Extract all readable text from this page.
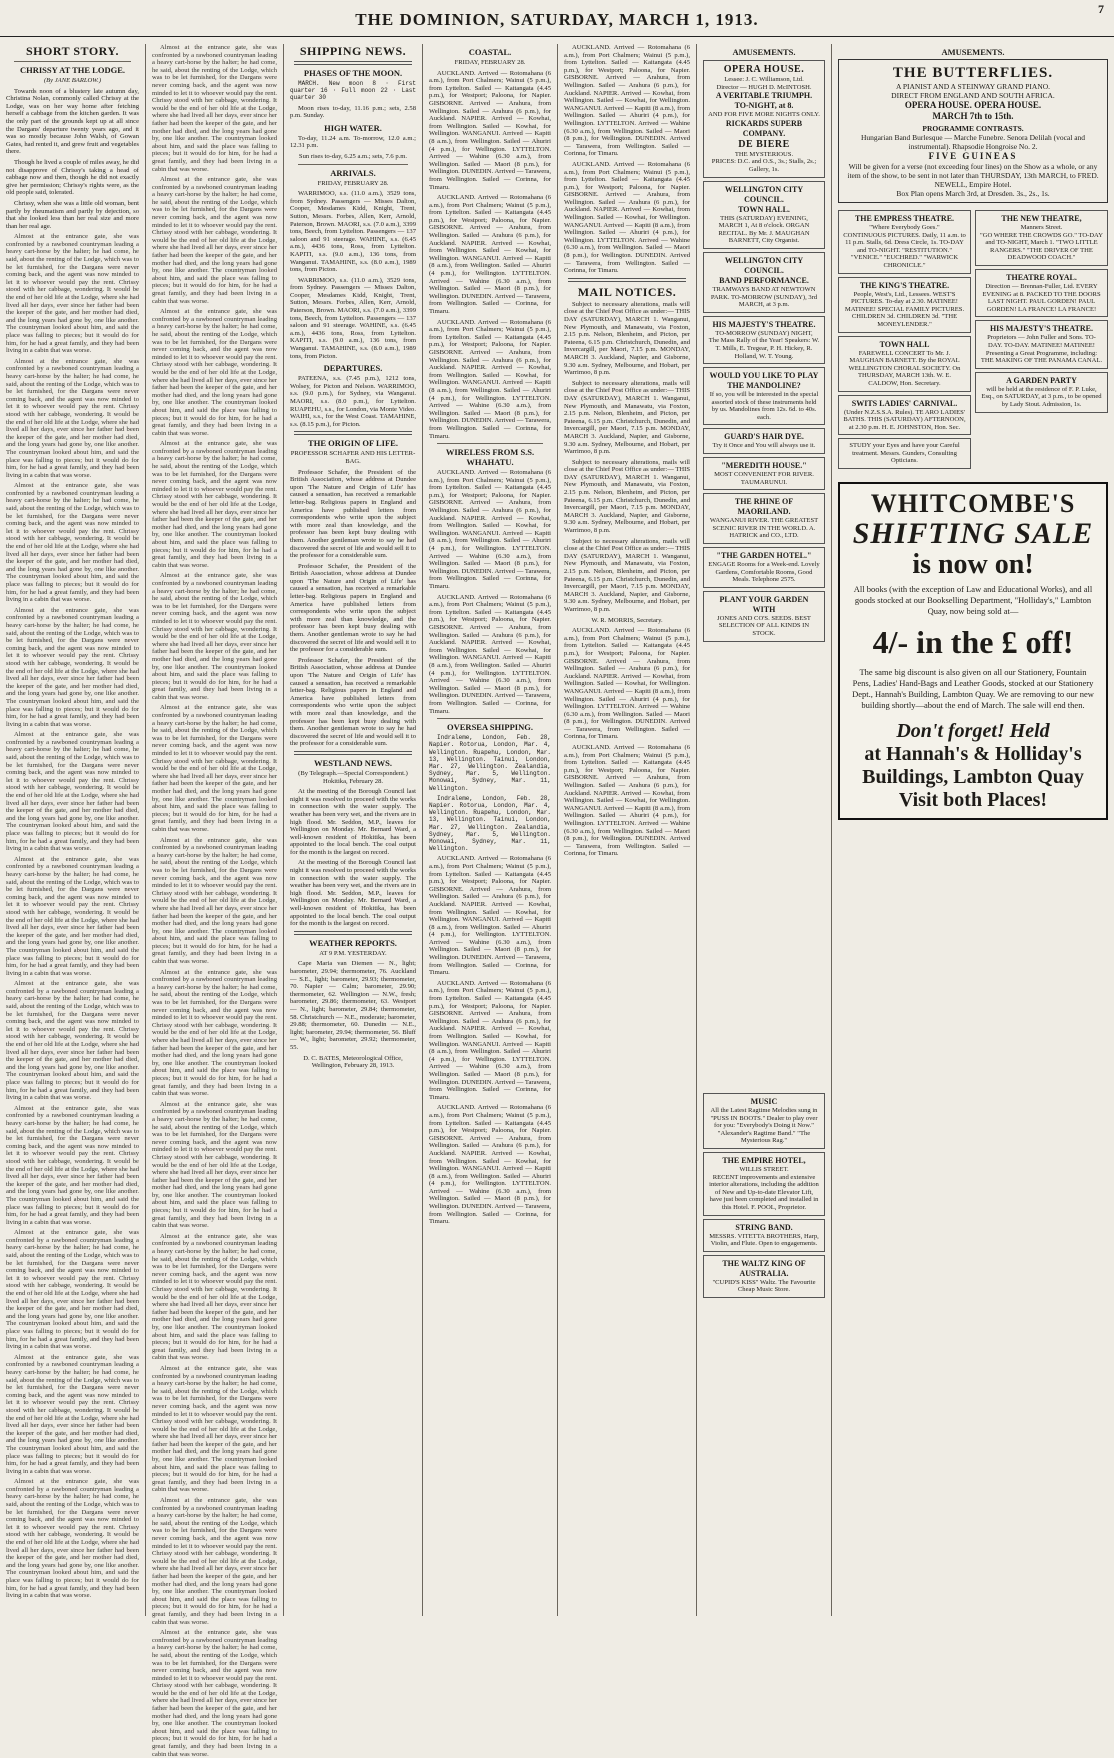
THE DOMINION, SATURDAY, MARCH 1, 1913.
7
SHORT STORY.
CHRISSY AT THE LODGE.
(By JANE BARLOW.)

Towards noon of a blustery late autumn day, Christina Nolan, commonly called Chrissy at the Lodge, was on her way home after fetching herself a cabbage from the kitchen garden. It was the only part of the grounds kept up at all since the Dargans' departure twenty years ago, and it was so mostly because John Walsh, of Gowan Gates, had rented it, and grew fruit and vegetables there.

Though he lived a couple of miles away, he did not disapprove of Chrissy's taking a head of cabbage now and then, though he did not exactly give her permission; Chrissy's rights were, as the old people said, tolerated.

Chrissy, when she was a little old woman, bent partly by rheumatism and partly by dejection, so that she looked less than her real size and more than her real age.

Almost at the entrance gate, she was confronted by a rawboned countryman leading a heavy cart-horse by the halter; he had come, he said, about the renting of the Lodge, which was to be let furnished, for the Dargans were never coming back, and the agent was now minded to let it to whoever would pay the rent. Chrissy stood with her cabbage, wondering. It would be the end of her old life at the Lodge, where she had lived all her days, ever since her father had been the keeper of the gate, and her mother had died, and the long years had gone by, one like another. The countryman looked about him, and said the place was falling to pieces; but it would do for him, for he had a great family, and they had been living in a cabin that was worse.

Almost at the entrance gate, she was confronted by a rawboned countryman leading a heavy cart-horse by the halter; he had come, he said, about the renting of the Lodge, which was to be let furnished, for the Dargans were never coming back, and the agent was now minded to let it to whoever would pay the rent. Chrissy stood with her cabbage, wondering. It would be the end of her old life at the Lodge, where she had lived all her days, ever since her father had been the keeper of the gate, and her mother had died, and the long years had gone by, one like another. The countryman looked about him, and said the place was falling to pieces; but it would do for him, for he had a great family, and they had been living in a cabin that was worse.

Almost at the entrance gate, she was confronted by a rawboned countryman leading a heavy cart-horse by the halter; he had come, he said, about the renting of the Lodge, which was to be let furnished, for the Dargans were never coming back, and the agent was now minded to let it to whoever would pay the rent. Chrissy stood with her cabbage, wondering. It would be the end of her old life at the Lodge, where she had lived all her days, ever since her father had been the keeper of the gate, and her mother had died, and the long years had gone by, one like another. The countryman looked about him, and said the place was falling to pieces; but it would do for him, for he had a great family, and they had been living in a cabin that was worse.

Almost at the entrance gate, she was confronted by a rawboned countryman leading a heavy cart-horse by the halter; he had come, he said, about the renting of the Lodge, which was to be let furnished, for the Dargans were never coming back, and the agent was now minded to let it to whoever would pay the rent. Chrissy stood with her cabbage, wondering. It would be the end of her old life at the Lodge, where she had lived all her days, ever since her father had been the keeper of the gate, and her mother had died, and the long years had gone by, one like another. The countryman looked about him, and said the place was falling to pieces; but it would do for him, for he had a great family, and they had been living in a cabin that was worse.

Almost at the entrance gate, she was confronted by a rawboned countryman leading a heavy cart-horse by the halter; he had come, he said, about the renting of the Lodge, which was to be let furnished, for the Dargans were never coming back, and the agent was now minded to let it to whoever would pay the rent. Chrissy stood with her cabbage, wondering. It would be the end of her old life at the Lodge, where she had lived all her days, ever since her father had been the keeper of the gate, and her mother had died, and the long years had gone by, one like another. The countryman looked about him, and said the place was falling to pieces; but it would do for him, for he had a great family, and they had been living in a cabin that was worse.

Almost at the entrance gate, she was confronted by a rawboned countryman leading a heavy cart-horse by the halter; he had come, he said, about the renting of the Lodge, which was to be let furnished, for the Dargans were never coming back, and the agent was now minded to let it to whoever would pay the rent. Chrissy stood with her cabbage, wondering. It would be the end of her old life at the Lodge, where she had lived all her days, ever since her father had been the keeper of the gate, and her mother had died, and the long years had gone by, one like another. The countryman looked about him, and said the place was falling to pieces; but it would do for him, for he had a great family, and they had been living in a cabin that was worse.

Almost at the entrance gate, she was confronted by a rawboned countryman leading a heavy cart-horse by the halter; he had come, he said, about the renting of the Lodge, which was to be let furnished, for the Dargans were never coming back, and the agent was now minded to let it to whoever would pay the rent. Chrissy stood with her cabbage, wondering. It would be the end of her old life at the Lodge, where she had lived all her days, ever since her father had been the keeper of the gate, and her mother had died, and the long years had gone by, one like another. The countryman looked about him, and said the place was falling to pieces; but it would do for him, for he had a great family, and they had been living in a cabin that was worse.

Almost at the entrance gate, she was confronted by a rawboned countryman leading a heavy cart-horse by the halter; he had come, he said, about the renting of the Lodge, which was to be let furnished, for the Dargans were never coming back, and the agent was now minded to let it to whoever would pay the rent. Chrissy stood with her cabbage, wondering. It would be the end of her old life at the Lodge, where she had lived all her days, ever since her father had been the keeper of the gate, and her mother had died, and the long years had gone by, one like another. The countryman looked about him, and said the place was falling to pieces; but it would do for him, for he had a great family, and they had been living in a cabin that was worse.

Almost at the entrance gate, she was confronted by a rawboned countryman leading a heavy cart-horse by the halter; he had come, he said, about the renting of the Lodge, which was to be let furnished, for the Dargans were never coming back, and the agent was now minded to let it to whoever would pay the rent. Chrissy stood with her cabbage, wondering. It would be the end of her old life at the Lodge, where she had lived all her days, ever since her father had been the keeper of the gate, and her mother had died, and the long years had gone by, one like another. The countryman looked about him, and said the place was falling to pieces; but it would do for him, for he had a great family, and they had been living in a cabin that was worse.

Almost at the entrance gate, she was confronted by a rawboned countryman leading a heavy cart-horse by the halter; he had come, he said, about the renting of the Lodge, which was to be let furnished, for the Dargans were never coming back, and the agent was now minded to let it to whoever would pay the rent. Chrissy stood with her cabbage, wondering. It would be the end of her old life at the Lodge, where she had lived all her days, ever since her father had been the keeper of the gate, and her mother had died, and the long years had gone by, one like another. The countryman looked about him, and said the place was falling to pieces; but it would do for him, for he had a great family, and they had been living in a cabin that was worse.

Almost at the entrance gate, she was confronted by a rawboned countryman leading a heavy cart-horse by the halter; he had come, he said, about the renting of the Lodge, which was to be let furnished, for the Dargans were never coming back, and the agent was now minded to let it to whoever would pay the rent. Chrissy stood with her cabbage, wondering. It would be the end of her old life at the Lodge, where she had lived all her days, ever since her father had been the keeper of the gate, and her mother had died, and the long years had gone by, one like another. The countryman looked about him, and said the place was falling to pieces; but it would do for him, for he had a great family, and they had been living in a cabin that was worse.

Almost at the entrance gate, she was confronted by a rawboned countryman leading a heavy cart-horse by the halter; he had come, he said, about the renting of the Lodge, which was to be let furnished, for the Dargans were never coming back, and the agent was now minded to let it to whoever would pay the rent. Chrissy stood with her cabbage, wondering. It would be the end of her old life at the Lodge, where she had lived all her days, ever since her father had been the keeper of the gate, and her mother had died, and the long years had gone by, one like another. The countryman looked about him, and said the place was falling to pieces; but it would do for him, for he had a great family, and they had been living in a cabin that was worse.

Almost at the entrance gate, she was confronted by a rawboned countryman leading a heavy cart-horse by the halter; he had come, he said, about the renting of the Lodge, which was to be let furnished, for the Dargans were never coming back, and the agent was now minded to let it to whoever would pay the rent. Chrissy stood with her cabbage, wondering. It would be the end of her old life at the Lodge, where she had lived all her days, ever since her father had been the keeper of the gate, and her mother had died, and the long years had gone by, one like another. The countryman looked about him, and said the place was falling to pieces; but it would do for him, for he had a great family, and they had been living in a cabin that was worse.

Almost at the entrance gate, she was confronted by a rawboned countryman leading a heavy cart-horse by the halter; he had come, he said, about the renting of the Lodge, which was to be let furnished, for the Dargans were never coming back, and the agent was now minded to let it to whoever would pay the rent. Chrissy stood with her cabbage, wondering. It would be the end of her old life at the Lodge, where she had lived all her days, ever since her father had been the keeper of the gate, and her mother had died, and the long years had gone by, one like another. The countryman looked about him, and said the place was falling to pieces; but it would do for him, for he had a great family, and they had been living in a cabin that was worse.

Almost at the entrance gate, she was confronted by a rawboned countryman leading a heavy cart-horse by the halter; he had come, he said, about the renting of the Lodge, which was to be let furnished, for the Dargans were never coming back, and the agent was now minded to let it to whoever would pay the rent. Chrissy stood with her cabbage, wondering. It would be the end of her old life at the Lodge, where she had lived all her days, ever since her father had been the keeper of the gate, and her mother had died, and the long years had gone by, one like another. The countryman looked about him, and said the place was falling to pieces; but it would do for him, for he had a great family, and they had been living in a cabin that was worse.

Almost at the entrance gate, she was confronted by a rawboned countryman leading a heavy cart-horse by the halter; he had come, he said, about the renting of the Lodge, which was to be let furnished, for the Dargans were never coming back, and the agent was now minded to let it to whoever would pay the rent. Chrissy stood with her cabbage, wondering. It would be the end of her old life at the Lodge, where she had lived all her days, ever since her father had been the keeper of the gate, and her mother had died, and the long years had gone by, one like another. The countryman looked about him, and said the place was falling to pieces; but it would do for him, for he had a great family, and they had been living in a cabin that was worse.

Almost at the entrance gate, she was confronted by a rawboned countryman leading a heavy cart-horse by the halter; he had come, he said, about the renting of the Lodge, which was to be let furnished, for the Dargans were never coming back, and the agent was now minded to let it to whoever would pay the rent. Chrissy stood with her cabbage, wondering. It would be the end of her old life at the Lodge, where she had lived all her days, ever since her father had been the keeper of the gate, and her mother had died, and the long years had gone by, one like another. The countryman looked about him, and said the place was falling to pieces; but it would do for him, for he had a great family, and they had been living in a cabin that was worse.

Almost at the entrance gate, she was confronted by a rawboned countryman leading a heavy cart-horse by the halter; he had come, he said, about the renting of the Lodge, which was to be let furnished, for the Dargans were never coming back, and the agent was now minded to let it to whoever would pay the rent. Chrissy stood with her cabbage, wondering. It would be the end of her old life at the Lodge, where she had lived all her days, ever since her father had been the keeper of the gate, and her mother had died, and the long years had gone by, one like another. The countryman looked about him, and said the place was falling to pieces; but it would do for him, for he had a great family, and they had been living in a cabin that was worse.

Almost at the entrance gate, she was confronted by a rawboned countryman leading a heavy cart-horse by the halter; he had come, he said, about the renting of the Lodge, which was to be let furnished, for the Dargans were never coming back, and the agent was now minded to let it to whoever would pay the rent. Chrissy stood with her cabbage, wondering. It would be the end of her old life at the Lodge, where she had lived all her days, ever since her father had been the keeper of the gate, and her mother had died, and the long years had gone by, one like another. The countryman looked about him, and said the place was falling to pieces; but it would do for him, for he had a great family, and they had been living in a cabin that was worse.

Almost at the entrance gate, she was confronted by a rawboned countryman leading a heavy cart-horse by the halter; he had come, he said, about the renting of the Lodge, which was to be let furnished, for the Dargans were never coming back, and the agent was now minded to let it to whoever would pay the rent. Chrissy stood with her cabbage, wondering. It would be the end of her old life at the Lodge, where she had lived all her days, ever since her father had been the keeper of the gate, and her mother had died, and the long years had gone by, one like another. The countryman looked about him, and said the place was falling to pieces; but it would do for him, for he had a great family, and they had been living in a cabin that was worse.

Almost at the entrance gate, she was confronted by a rawboned countryman leading a heavy cart-horse by the halter; he had come, he said, about the renting of the Lodge, which was to be let furnished, for the Dargans were never coming back, and the agent was now minded to let it to whoever would pay the rent. Chrissy stood with her cabbage, wondering. It would be the end of her old life at the Lodge, where she had lived all her days, ever since her father had been the keeper of the gate, and her mother had died, and the long years had gone by, one like another. The countryman looked about him, and said the place was falling to pieces; but it would do for him, for he had a great family, and they had been living in a cabin that was worse.

Almost at the entrance gate, she was confronted by a rawboned countryman leading a heavy cart-horse by the halter; he had come, he said, about the renting of the Lodge, which was to be let furnished, for the Dargans were never coming back, and the agent was now minded to let it to whoever would pay the rent. Chrissy stood with her cabbage, wondering. It would be the end of her old life at the Lodge, where she had lived all her days, ever since her father had been the keeper of the gate, and her mother had died, and the long years had gone by, one like another. The countryman looked about him, and said the place was falling to pieces; but it would do for him, for he had a great family, and they had been living in a cabin that was worse.

Almost at the entrance gate, she was confronted by a rawboned countryman leading a heavy cart-horse by the halter; he had come, he said, about the renting of the Lodge, which was to be let furnished, for the Dargans were never coming back, and the agent was now minded to let it to whoever would pay the rent. Chrissy stood with her cabbage, wondering. It would be the end of her old life at the Lodge, where she had lived all her days, ever since her father had been the keeper of the gate, and her mother had died, and the long years had gone by, one like another. The countryman looked about him, and said the place was falling to pieces; but it would do for him, for he had a great family, and they had been living in a cabin that was worse.

Almost at the entrance gate, she was confronted by a rawboned countryman leading a heavy cart-horse by the halter; he had come, he said, about the renting of the Lodge, which was to be let furnished, for the Dargans were never coming back, and the agent was now minded to let it to whoever would pay the rent. Chrissy stood with her cabbage, wondering. It would be the end of her old life at the Lodge, where she had lived all her days, ever since her father had been the keeper of the gate, and her mother had died, and the long years had gone by, one like another. The countryman looked about him, and said the place was falling to pieces; but it would do for him, for he had a great family, and they had been living in a cabin that was worse.

SHIPPING NEWS.
PHASES OF THE MOON.

MARCH. New moon 8 · First quarter 16 · Full moon 22 · Last quarter 30

Moon rises to-day, 11.16 p.m.; sets, 2.58 p.m. Sunday.

HIGH WATER.

To-day, 11.24 a.m. To-morrow, 12.0 a.m.; 12.31 p.m.

Sun rises to-day, 6.25 a.m.; sets, 7.6 p.m.

ARRIVALS.

FRIDAY, FEBRUARY 28.

WARRIMOO, s.s. (11.0 a.m.), 3529 tons, from Sydney. Passengers — Misses Dalton, Cooper, Mesdames Kidd, Knight, Trent, Sutton, Messrs. Forbes, Allen, Kerr, Arnold, Paterson, Brown. MAORI, s.s. (7.0 a.m.), 3399 tons, Beech, from Lyttelton. Passengers — 137 saloon and 91 steerage. WAHINE, s.s. (6.45 a.m.), 4436 tons, Ross, from Lyttelton. KAPITI, s.s. (9.0 a.m.), 136 tons, from Wanganui. TAMAHINE, s.s. (8.0 a.m.), 1989 tons, from Picton.

WARRIMOO, s.s. (11.0 a.m.), 3529 tons, from Sydney. Passengers — Misses Dalton, Cooper, Mesdames Kidd, Knight, Trent, Sutton, Messrs. Forbes, Allen, Kerr, Arnold, Paterson, Brown. MAORI, s.s. (7.0 a.m.), 3399 tons, Beech, from Lyttelton. Passengers — 137 saloon and 91 steerage. WAHINE, s.s. (6.45 a.m.), 4436 tons, Ross, from Lyttelton. KAPITI, s.s. (9.0 a.m.), 136 tons, from Wanganui. TAMAHINE, s.s. (8.0 a.m.), 1989 tons, from Picton.

DEPARTURES.

PATEENA, s.s. (7.45 p.m.), 1212 tons, Wolsey, for Picton and Nelson. WARRIMOO, s.s. (9.0 p.m.), for Sydney, via Wanganui. MAORI, s.s. (8.0 p.m.), for Lyttelton. RUAPEHU, s.s., for London, via Monte Video. WAIHI, s.s., for the West Coast. TAMAHINE, s.s. (8.15 p.m.), for Picton.

THE ORIGIN OF LIFE.

PROFESSOR SCHAFER AND HIS LETTER-BAG.

Professor Schafer, the President of the British Association, whose address at Dundee upon 'The Nature and Origin of Life' has caused a sensation, has received a remarkable letter-bag. Religious papers in England and America have published letters from correspondents who write upon the subject with more zeal than knowledge, and the professor has been kept busy dealing with them. Another gentleman wrote to say he had discovered the secret of life and would sell it to the professor for a considerable sum.

Professor Schafer, the President of the British Association, whose address at Dundee upon 'The Nature and Origin of Life' has caused a sensation, has received a remarkable letter-bag. Religious papers in England and America have published letters from correspondents who write upon the subject with more zeal than knowledge, and the professor has been kept busy dealing with them. Another gentleman wrote to say he had discovered the secret of life and would sell it to the professor for a considerable sum.

Professor Schafer, the President of the British Association, whose address at Dundee upon 'The Nature and Origin of Life' has caused a sensation, has received a remarkable letter-bag. Religious papers in England and America have published letters from correspondents who write upon the subject with more zeal than knowledge, and the professor has been kept busy dealing with them. Another gentleman wrote to say he had discovered the secret of life and would sell it to the professor for a considerable sum.

WESTLAND NEWS.

(By Telegraph.—Special Correspondent.) Hokitika, February 28.

At the meeting of the Borough Council last night it was resolved to proceed with the works in connection with the water supply. The weather has been very wet, and the rivers are in high flood. Mr. Seddon, M.P., leaves for Wellington on Monday. Mr. Bernard Ward, a well-known resident of Hokitika, has been appointed to the local bench. The coal output for the month is the largest on record.

At the meeting of the Borough Council last night it was resolved to proceed with the works in connection with the water supply. The weather has been very wet, and the rivers are in high flood. Mr. Seddon, M.P., leaves for Wellington on Monday. Mr. Bernard Ward, a well-known resident of Hokitika, has been appointed to the local bench. The coal output for the month is the largest on record.

WEATHER REPORTS.

AT 9 P.M. YESTERDAY.

Cape Maria van Diemen — N., light; barometer, 29.94; thermometer, 76. Auckland — S.E., light; barometer, 29.93; thermometer, 70. Napier — Calm; barometer, 29.90; thermometer, 62. Wellington — N.W., fresh; barometer, 29.86; thermometer, 63. Westport — N., light; barometer, 29.84; thermometer, 58. Christchurch — N.E., moderate; barometer, 29.88; thermometer, 60. Dunedin — N.E., light; barometer, 29.94; thermometer, 56. Bluff — W., light; barometer, 29.92; thermometer, 55.

D. C. BATES, Meteorological Office, Wellington, February 28, 1913.

COASTAL.

FRIDAY, FEBRUARY 28.

AUCKLAND. Arrived — Rotomahana (6 a.m.), from Port Chalmers; Wainui (5 p.m.), from Lyttelton. Sailed — Kaitangata (4.45 p.m.), for Westport; Paloona, for Napier. GISBORNE. Arrived — Arahura, from Wellington. Sailed — Arahura (6 p.m.), for Auckland. NAPIER. Arrived — Kowhai, from Wellington. Sailed — Kowhai, for Wellington. WANGANUI. Arrived — Kapiti (8 a.m.), from Wellington. Sailed — Ahuriri (4 p.m.), for Wellington. LYTTELTON. Arrived — Wahine (6.30 a.m.), from Wellington. Sailed — Maori (8 p.m.), for Wellington. DUNEDIN. Arrived — Tarawera, from Wellington. Sailed — Corinna, for Timaru.

AUCKLAND. Arrived — Rotomahana (6 a.m.), from Port Chalmers; Wainui (5 p.m.), from Lyttelton. Sailed — Kaitangata (4.45 p.m.), for Westport; Paloona, for Napier. GISBORNE. Arrived — Arahura, from Wellington. Sailed — Arahura (6 p.m.), for Auckland. NAPIER. Arrived — Kowhai, from Wellington. Sailed — Kowhai, for Wellington. WANGANUI. Arrived — Kapiti (8 a.m.), from Wellington. Sailed — Ahuriri (4 p.m.), for Wellington. LYTTELTON. Arrived — Wahine (6.30 a.m.), from Wellington. Sailed — Maori (8 p.m.), for Wellington. DUNEDIN. Arrived — Tarawera, from Wellington. Sailed — Corinna, for Timaru.

AUCKLAND. Arrived — Rotomahana (6 a.m.), from Port Chalmers; Wainui (5 p.m.), from Lyttelton. Sailed — Kaitangata (4.45 p.m.), for Westport; Paloona, for Napier. GISBORNE. Arrived — Arahura, from Wellington. Sailed — Arahura (6 p.m.), for Auckland. NAPIER. Arrived — Kowhai, from Wellington. Sailed — Kowhai, for Wellington. WANGANUI. Arrived — Kapiti (8 a.m.), from Wellington. Sailed — Ahuriri (4 p.m.), for Wellington. LYTTELTON. Arrived — Wahine (6.30 a.m.), from Wellington. Sailed — Maori (8 p.m.), for Wellington. DUNEDIN. Arrived — Tarawera, from Wellington. Sailed — Corinna, for Timaru.

WIRELESS FROM S.S. WHAHATU.

AUCKLAND. Arrived — Rotomahana (6 a.m.), from Port Chalmers; Wainui (5 p.m.), from Lyttelton. Sailed — Kaitangata (4.45 p.m.), for Westport; Paloona, for Napier. GISBORNE. Arrived — Arahura, from Wellington. Sailed — Arahura (6 p.m.), for Auckland. NAPIER. Arrived — Kowhai, from Wellington. Sailed — Kowhai, for Wellington. WANGANUI. Arrived — Kapiti (8 a.m.), from Wellington. Sailed — Ahuriri (4 p.m.), for Wellington. LYTTELTON. Arrived — Wahine (6.30 a.m.), from Wellington. Sailed — Maori (8 p.m.), for Wellington. DUNEDIN. Arrived — Tarawera, from Wellington. Sailed — Corinna, for Timaru.

AUCKLAND. Arrived — Rotomahana (6 a.m.), from Port Chalmers; Wainui (5 p.m.), from Lyttelton. Sailed — Kaitangata (4.45 p.m.), for Westport; Paloona, for Napier. GISBORNE. Arrived — Arahura, from Wellington. Sailed — Arahura (6 p.m.), for Auckland. NAPIER. Arrived — Kowhai, from Wellington. Sailed — Kowhai, for Wellington. WANGANUI. Arrived — Kapiti (8 a.m.), from Wellington. Sailed — Ahuriri (4 p.m.), for Wellington. LYTTELTON. Arrived — Wahine (6.30 a.m.), from Wellington. Sailed — Maori (8 p.m.), for Wellington. DUNEDIN. Arrived — Tarawera, from Wellington. Sailed — Corinna, for Timaru.

OVERSEA SHIPPING.

Indraleme, London, Feb. 28, Napier. Rotorua, London, Mar. 4, Wellington. Ruapehu, London, Mar. 13, Wellington. Tainui, London, Mar. 27, Wellington. Zealandia, Sydney, Mar. 5, Wellington. Monowai, Sydney, Mar. 11, Wellington.

Indraleme, London, Feb. 28, Napier. Rotorua, London, Mar. 4, Wellington. Ruapehu, London, Mar. 13, Wellington. Tainui, London, Mar. 27, Wellington. Zealandia, Sydney, Mar. 5, Wellington. Monowai, Sydney, Mar. 11, Wellington.

AUCKLAND. Arrived — Rotomahana (6 a.m.), from Port Chalmers; Wainui (5 p.m.), from Lyttelton. Sailed — Kaitangata (4.45 p.m.), for Westport; Paloona, for Napier. GISBORNE. Arrived — Arahura, from Wellington. Sailed — Arahura (6 p.m.), for Auckland. NAPIER. Arrived — Kowhai, from Wellington. Sailed — Kowhai, for Wellington. WANGANUI. Arrived — Kapiti (8 a.m.), from Wellington. Sailed — Ahuriri (4 p.m.), for Wellington. LYTTELTON. Arrived — Wahine (6.30 a.m.), from Wellington. Sailed — Maori (8 p.m.), for Wellington. DUNEDIN. Arrived — Tarawera, from Wellington. Sailed — Corinna, for Timaru.

AUCKLAND. Arrived — Rotomahana (6 a.m.), from Port Chalmers; Wainui (5 p.m.), from Lyttelton. Sailed — Kaitangata (4.45 p.m.), for Westport; Paloona, for Napier. GISBORNE. Arrived — Arahura, from Wellington. Sailed — Arahura (6 p.m.), for Auckland. NAPIER. Arrived — Kowhai, from Wellington. Sailed — Kowhai, for Wellington. WANGANUI. Arrived — Kapiti (8 a.m.), from Wellington. Sailed — Ahuriri (4 p.m.), for Wellington. LYTTELTON. Arrived — Wahine (6.30 a.m.), from Wellington. Sailed — Maori (8 p.m.), for Wellington. DUNEDIN. Arrived — Tarawera, from Wellington. Sailed — Corinna, for Timaru.

AUCKLAND. Arrived — Rotomahana (6 a.m.), from Port Chalmers; Wainui (5 p.m.), from Lyttelton. Sailed — Kaitangata (4.45 p.m.), for Westport; Paloona, for Napier. GISBORNE. Arrived — Arahura, from Wellington. Sailed — Arahura (6 p.m.), for Auckland. NAPIER. Arrived — Kowhai, from Wellington. Sailed — Kowhai, for Wellington. WANGANUI. Arrived — Kapiti (8 a.m.), from Wellington. Sailed — Ahuriri (4 p.m.), for Wellington. LYTTELTON. Arrived — Wahine (6.30 a.m.), from Wellington. Sailed — Maori (8 p.m.), for Wellington. DUNEDIN. Arrived — Tarawera, from Wellington. Sailed — Corinna, for Timaru.

AUCKLAND. Arrived — Rotomahana (6 a.m.), from Port Chalmers; Wainui (5 p.m.), from Lyttelton. Sailed — Kaitangata (4.45 p.m.), for Westport; Paloona, for Napier. GISBORNE. Arrived — Arahura, from Wellington. Sailed — Arahura (6 p.m.), for Auckland. NAPIER. Arrived — Kowhai, from Wellington. Sailed — Kowhai, for Wellington. WANGANUI. Arrived — Kapiti (8 a.m.), from Wellington. Sailed — Ahuriri (4 p.m.), for Wellington. LYTTELTON. Arrived — Wahine (6.30 a.m.), from Wellington. Sailed — Maori (8 p.m.), for Wellington. DUNEDIN. Arrived — Tarawera, from Wellington. Sailed — Corinna, for Timaru.

AUCKLAND. Arrived — Rotomahana (6 a.m.), from Port Chalmers; Wainui (5 p.m.), from Lyttelton. Sailed — Kaitangata (4.45 p.m.), for Westport; Paloona, for Napier. GISBORNE. Arrived — Arahura, from Wellington. Sailed — Arahura (6 p.m.), for Auckland. NAPIER. Arrived — Kowhai, from Wellington. Sailed — Kowhai, for Wellington. WANGANUI. Arrived — Kapiti (8 a.m.), from Wellington. Sailed — Ahuriri (4 p.m.), for Wellington. LYTTELTON. Arrived — Wahine (6.30 a.m.), from Wellington. Sailed — Maori (8 p.m.), for Wellington. DUNEDIN. Arrived — Tarawera, from Wellington. Sailed — Corinna, for Timaru.

MAIL NOTICES.

Subject to necessary alterations, mails will close at the Chief Post Office as under:— THIS DAY (SATURDAY), MARCH 1. Wanganui, New Plymouth, and Manawatu, via Foxton, 2.15 p.m. Nelson, Blenheim, and Picton, per Pateena, 6.15 p.m. Christchurch, Dunedin, and Invercargill, per Maori, 7.15 p.m. MONDAY, MARCH 3. Auckland, Napier, and Gisborne, 9.30 a.m. Sydney, Melbourne, and Hobart, per Warrimoo, 8 p.m.

Subject to necessary alterations, mails will close at the Chief Post Office as under:— THIS DAY (SATURDAY), MARCH 1. Wanganui, New Plymouth, and Manawatu, via Foxton, 2.15 p.m. Nelson, Blenheim, and Picton, per Pateena, 6.15 p.m. Christchurch, Dunedin, and Invercargill, per Maori, 7.15 p.m. MONDAY, MARCH 3. Auckland, Napier, and Gisborne, 9.30 a.m. Sydney, Melbourne, and Hobart, per Warrimoo, 8 p.m.

Subject to necessary alterations, mails will close at the Chief Post Office as under:— THIS DAY (SATURDAY), MARCH 1. Wanganui, New Plymouth, and Manawatu, via Foxton, 2.15 p.m. Nelson, Blenheim, and Picton, per Pateena, 6.15 p.m. Christchurch, Dunedin, and Invercargill, per Maori, 7.15 p.m. MONDAY, MARCH 3. Auckland, Napier, and Gisborne, 9.30 a.m. Sydney, Melbourne, and Hobart, per Warrimoo, 8 p.m.

Subject to necessary alterations, mails will close at the Chief Post Office as under:— THIS DAY (SATURDAY), MARCH 1. Wanganui, New Plymouth, and Manawatu, via Foxton, 2.15 p.m. Nelson, Blenheim, and Picton, per Pateena, 6.15 p.m. Christchurch, Dunedin, and Invercargill, per Maori, 7.15 p.m. MONDAY, MARCH 3. Auckland, Napier, and Gisborne, 9.30 a.m. Sydney, Melbourne, and Hobart, per Warrimoo, 8 p.m.

W. R. MORRIS, Secretary.

AUCKLAND. Arrived — Rotomahana (6 a.m.), from Port Chalmers; Wainui (5 p.m.), from Lyttelton. Sailed — Kaitangata (4.45 p.m.), for Westport; Paloona, for Napier. GISBORNE. Arrived — Arahura, from Wellington. Sailed — Arahura (6 p.m.), for Auckland. NAPIER. Arrived — Kowhai, from Wellington. Sailed — Kowhai, for Wellington. WANGANUI. Arrived — Kapiti (8 a.m.), from Wellington. Sailed — Ahuriri (4 p.m.), for Wellington. LYTTELTON. Arrived — Wahine (6.30 a.m.), from Wellington. Sailed — Maori (8 p.m.), for Wellington. DUNEDIN. Arrived — Tarawera, from Wellington. Sailed — Corinna, for Timaru.

AUCKLAND. Arrived — Rotomahana (6 a.m.), from Port Chalmers; Wainui (5 p.m.), from Lyttelton. Sailed — Kaitangata (4.45 p.m.), for Westport; Paloona, for Napier. GISBORNE. Arrived — Arahura, from Wellington. Sailed — Arahura (6 p.m.), for Auckland. NAPIER. Arrived — Kowhai, from Wellington. Sailed — Kowhai, for Wellington. WANGANUI. Arrived — Kapiti (8 a.m.), from Wellington. Sailed — Ahuriri (4 p.m.), for Wellington. LYTTELTON. Arrived — Wahine (6.30 a.m.), from Wellington. Sailed — Maori (8 p.m.), for Wellington. DUNEDIN. Arrived — Tarawera, from Wellington. Sailed — Corinna, for Timaru.

AMUSEMENTS.
OPERA HOUSE.
Lessee: J. C. Williamson, Ltd.
Director — HUGH D. McINTOSH.
A VERITABLE TRIUMPH.
TO-NIGHT, at 8.
AND FOR FIVE MORE NIGHTS ONLY.
RICKARDS SUPERB COMPANY.
DE BIERE
THE MYSTERIOUS.
PRICES: D.C. and O.S., 3s.; Stalls, 2s.; Gallery, 1s.
WELLINGTON CITY COUNCIL.
TOWN HALL.
THIS (SATURDAY) EVENING, MARCH 1, At 8 o'clock. ORGAN RECITAL. By Mr. J. MAUGHAN BARNETT, City Organist.
WELLINGTON CITY COUNCIL.
BAND PERFORMANCE.
TRAMWAYS BAND AT NEWTOWN PARK. TO-MORROW (SUNDAY), 3rd MARCH, at 3 p.m.
HIS MAJESTY'S THEATRE.
TO-MORROW (SUNDAY) NIGHT,
The Mass Rally of the Year! Speakers: W. T. Mills, E. Tregear, P. H. Hickey, R. Holland, W. T. Young.
WOULD YOU LIKE TO PLAY THE MANDOLINE?
If so, you will be interested in the special assorted stock of these instruments held by us. Mandolines from 12s. 6d. to 40s. each.
GUARD'S HAIR DYE.
Try it Once and You will always use it.
"MEREDITH HOUSE."
MOST CONVENIENT FOR RIVER. TAUMARUNUI.
THE RHINE OF MAORILAND.
WANGANUI RIVER. THE GREATEST SCENIC RIVER IN THE WORLD. A. HATRICK and CO., LTD.
"THE GARDEN HOTEL."
ENGAGE Rooms for a Week-end. Lovely Gardens, Comfortable Rooms, Good Meals. Telephone 2575.
PLANT YOUR GARDEN WITH
JONES AND CO'S. SEEDS. BEST SELECTION OF ALL KINDS IN STOCK.
AMUSEMENTS.
THE BUTTERFLIES.
A PIANIST AND A STEINWAY GRAND PIANO.
DIRECT FROM ENGLAND AND SOUTH AFRICA.
OPERA HOUSE. OPERA HOUSE.
MARCH 7th to 15th.
PROGRAMME CONTRASTS.
Hungarian Band Burlesque — Marche Funebre. Senora Delilah (vocal and instrumental). Rhapsodie Hongroise No. 2.
FIVE GUINEAS
Will be given for a verse (not exceeding four lines) on the Show as a whole, or any item of the show, to be sent in not later than THURSDAY, 13th MARCH, to FRED. NEWELL, Empire Hotel.
Box Plan opens March 3rd, at Dresden. 3s., 2s., 1s.
THE EMPRESS THEATRE.
"Where Everybody Goes."
CONTINUOUS PICTURES. Daily, 11 a.m. to 11 p.m. Stalls, 6d. Dress Circle, 1s. TO-DAY and TO-NIGHT. "RESTITUTION." "VENICE." "EUCHRED." "WARWICK CHRONICLE."
THE KING'S THEATRE.
People, West's, Ltd., Lessees. WEST'S PICTURES. To-day at 2.30. MATINEE! MATINEE! SPECIAL FAMILY PICTURES. CHILDREN 3d. CHILDREN 3d. "THE MONEYLENDER."
TOWN HALL
FAREWELL CONCERT To Mr. J. MAUGHAN BARNETT. By the ROYAL WELLINGTON CHORAL SOCIETY. On THURSDAY, MARCH 13th. W. E. CALDOW, Hon. Secretary.
SWITS LADIES' CARNIVAL.
(Under N.Z.S.S.A. Rules). TE ARO LADIES' BATHS. THIS (SATURDAY) AFTERNOON, at 2.30 p.m. H. E. JOHNSTON, Hon. Sec.
STUDY your Eyes and have your Careful treatment. Messrs. Gunders, Consulting Opticians.
THE NEW THEATRE,
Manners Street.
"GO WHERE THE CROWDS GO." TO-DAY and TO-NIGHT, March 1. "TWO LITTLE RANGERS." "THE DRIVER OF THE DEADWOOD COACH."
THEATRE ROYAL.
Direction — Brennan-Fuller, Ltd. EVERY EVENING at 8. PACKED TO THE DOORS LAST NIGHT. PAUL GORDEN! PAUL GORDEN! LA FRANCE! LA FRANCE!
HIS MAJESTY'S THEATRE.
Proprietors — John Fuller and Sons. TO-DAY. TO-DAY. MATINEE! MATINEE! Presenting a Great Programme, including: THE MAKING OF THE PANAMA CANAL.
A GARDEN PARTY
will be held at the residence of F. P. Luke, Esq., on SATURDAY, at 3 p.m., to be opened by Lady Stout. Admission, 1s.
WHITCOMBE'S
SHIFTING SALE
is now on!
All books (with the exception of Law and Educational Works), and all goods stocked at our Bookselling Department, "Holliday's," Lambton Quay, now being sold at—
4/- in the £ off!
The same big discount is also given on all our Stationery, Fountain Pens, Ladies' Hand-Bags and Leather Goods, stocked at our Stationery Dept., Hannah's Building, Lambton Quay. We are removing to our new building shortly—about the end of March. The sale will end then.
Don't forget! Held
at Hannah's & Holliday's
Buildings, Lambton Quay
Visit both Places!
MUSIC
All the Latest Ragtime Melodies sung in "PUSS IN BOOTS." Dealer to play over for you: "Everybody's Doing it Now." "Alexander's Ragtime Band." "The Mysterious Rag."
THE EMPIRE HOTEL,
WILLIS STREET.
RECENT improvements and extensive interior alterations, including the addition of New and Up-to-date Elevator Lift, have just been completed and installed in this Hotel. F. POOL, Proprietor.
STRING BAND.
MESSRS. VITETTA BROTHERS, Harp, Violin, and Flute. Open to engagements.
THE WALTZ KING OF AUSTRALIA.
"CUPID'S KISS" Waltz. The Favourite Cheap Music Store.
